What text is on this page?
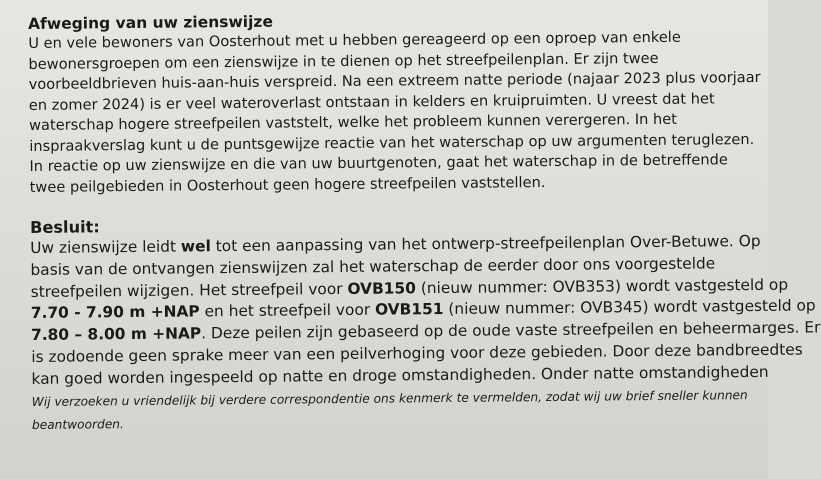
Afweging van uw zienswijze
U en vele bewoners van Oosterhout met u hebben gereageerd op een oproep van enkele
bewonersgroepen om een zienswijze in te dienen op het streefpeilenplan. Er zijn twee
voorbeeldbrieven huis-aan-huis verspreid. Na een extreem natte periode (najaar 2023 plus voorjaar
en zomer 2024) is er veel wateroverlast ontstaan in kelders en kruipruimten. U vreest dat het
waterschap hogere streefpeilen vaststelt, welke het probleem kunnen verergeren. In het
inspraakverslag kunt u de puntsgewijze reactie van het waterschap op uw argumenten teruglezen.
In reactie op uw zienswijze en die van uw buurtgenoten, gaat het waterschap in de betreffende
twee peilgebieden in Oosterhout geen hogere streefpeilen vaststellen.
Besluit:
Uw zienswijze leidt wel tot een aanpassing van het ontwerp-streefpeilenplan Over-Betuwe. Op
basis van de ontvangen zienswijzen zal het waterschap de eerder door ons voorgestelde
streefpeilen wijzigen. Het streefpeil voor OVB150 (nieuw nummer: OVB353) wordt vastgesteld op
7.70 - 7.90 m +NAP en het streefpeil voor OVB151 (nieuw nummer: OVB345) wordt vastgesteld op
7.80 – 8.00 m +NAP. Deze peilen zijn gebaseerd op de oude vaste streefpeilen en beheermarges. Er
is zodoende geen sprake meer van een peilverhoging voor deze gebieden. Door deze bandbreedtes
kan goed worden ingespeeld op natte en droge omstandigheden. Onder natte omstandigheden
Wij verzoeken u vriendelijk bij verdere correspondentie ons kenmerk te vermelden, zodat wij uw brief sneller kunnen
beantwoorden.
